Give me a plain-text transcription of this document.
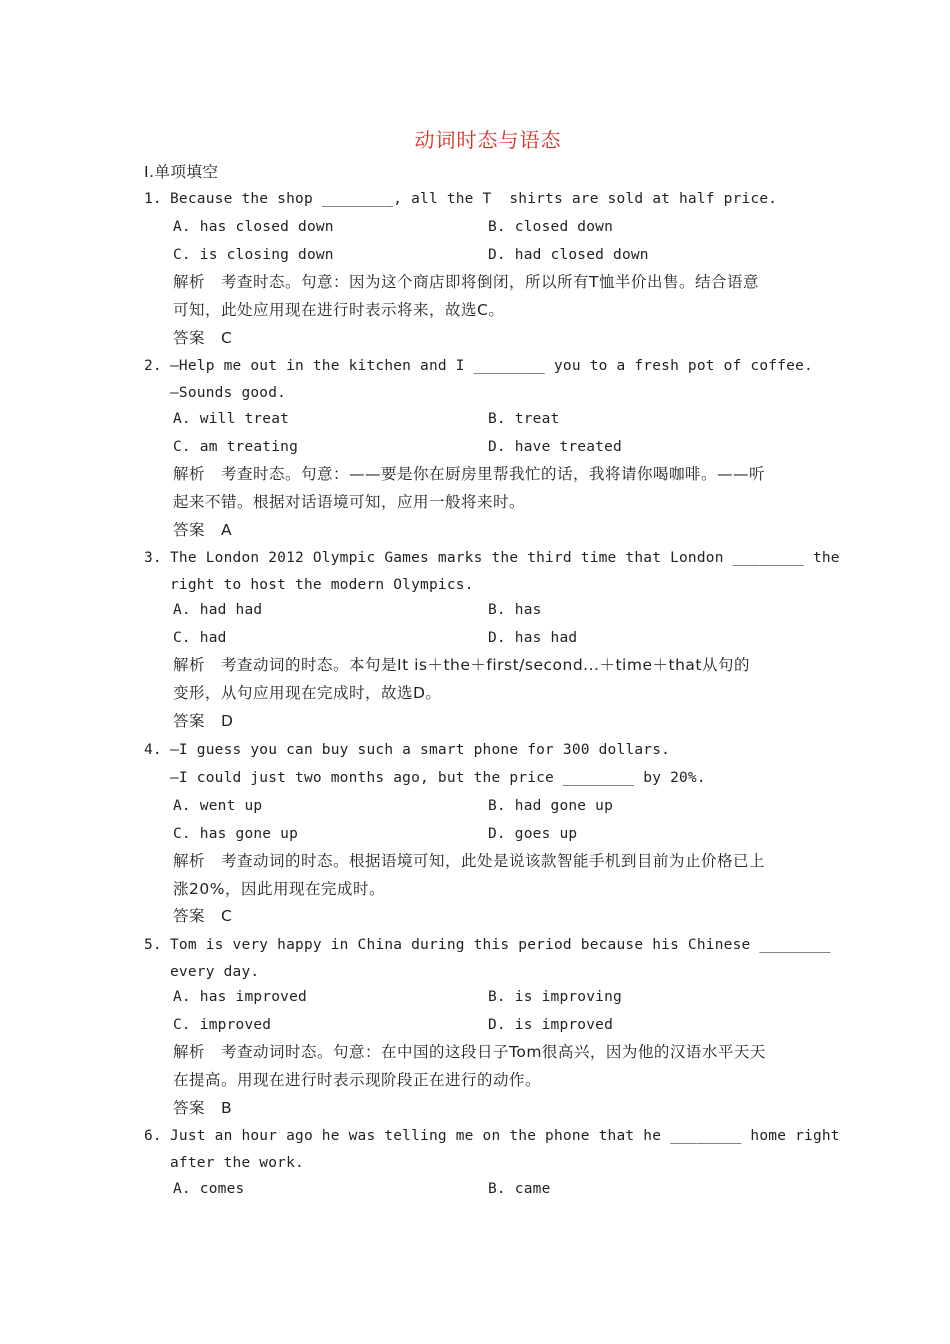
动词时态与语态
Ⅰ.单项填空
1. Because the shop ________, all the T  shirts are sold at half price.
A. has closed down	B. closed down
C. is closing down	D. had closed down
解析　考查时态。句意：因为这个商店即将倒闭，所以所有T恤半价出售。结合语意
可知，此处应用现在进行时表示将来，故选C。
答案　C
2. —Help me out in the kitchen and I ________ you to a fresh pot of coffee.
—Sounds good.
A. will treat	B. treat
C. am treating	D. have treated
解析　考查时态。句意：——要是你在厨房里帮我忙的话，我将请你喝咖啡。——听
起来不错。根据对话语境可知，应用一般将来时。
答案　A
3. The London 2012 Olympic Games marks the third time that London ________ the
right to host the modern Olympics.
A. had had	B. has
C. had	D. has had
解析　考查动词的时态。本句是It is＋the＋first/second...＋time＋that从句的
变形，从句应用现在完成时，故选D。
答案　D
4. —I guess you can buy such a smart phone for 300 dollars.
—I could just two months ago, but the price ________ by 20%.
A. went up	B. had gone up
C. has gone up	D. goes up
解析　考查动词的时态。根据语境可知，此处是说该款智能手机到目前为止价格已上
涨20%，因此用现在完成时。
答案　C
5. Tom is very happy in China during this period because his Chinese ________
every day.
A. has improved	B. is improving
C. improved	D. is improved
解析　考查动词时态。句意：在中国的这段日子Tom很高兴，因为他的汉语水平天天
在提高。用现在进行时表示现阶段正在进行的动作。
答案　B
6. Just an hour ago he was telling me on the phone that he ________ home right
after the work.
A. comes	B. came
